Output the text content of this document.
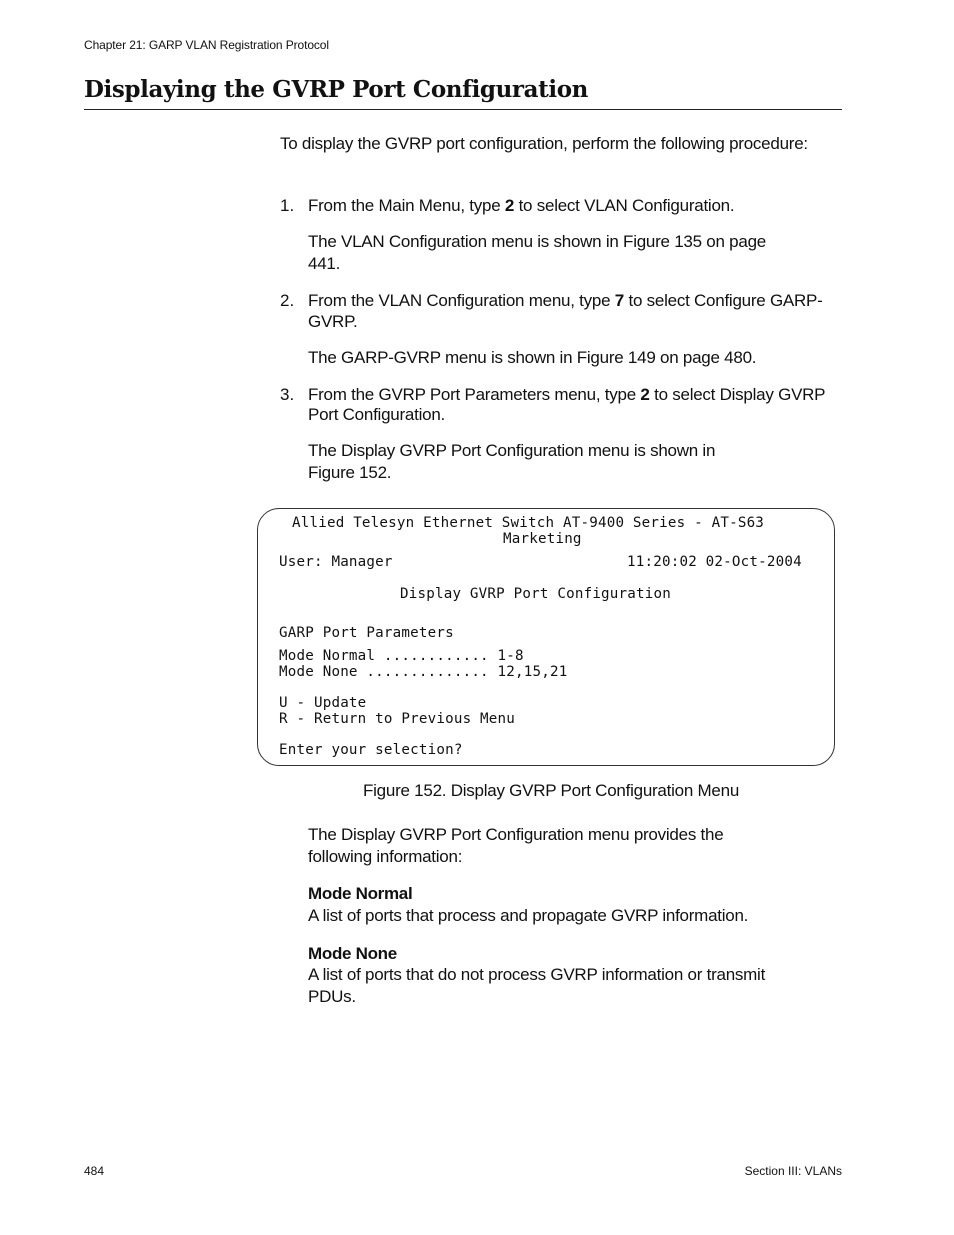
Chapter 21: GARP VLAN Registration Protocol
Displaying the GVRP Port Configuration

To display the GVRP port configuration, perform the following procedure:

1. From the Main Menu, type 2 to select VLAN Configuration.
The VLAN Configuration menu is shown in Figure 135 on page
441.
2. From the VLAN Configuration menu, type 7 to select Configure GARP-
GVRP.
The GARP-GVRP menu is shown in Figure 149 on page 480.
3. From the GVRP Port Parameters menu, type 2 to select Display GVRP
Port Configuration.
The Display GVRP Port Configuration menu is shown in
Figure 152.
Allied Telesyn Ethernet Switch AT-9400 Series - AT-S63
Marketing
User: Manager	11:20:02 02-Oct-2004
Display GVRP Port Configuration
GARP Port Parameters
Mode Normal ............ 1-8
Mode None .............. 12,15,21
U - Update
R - Return to Previous Menu
Enter your selection?
Figure 152. Display GVRP Port Configuration Menu
The Display GVRP Port Configuration menu provides the
following information:
Mode Normal
A list of ports that process and propagate GVRP information.
Mode None
A list of ports that do not process GVRP information or transmit
PDUs.
484	Section III: VLANs
